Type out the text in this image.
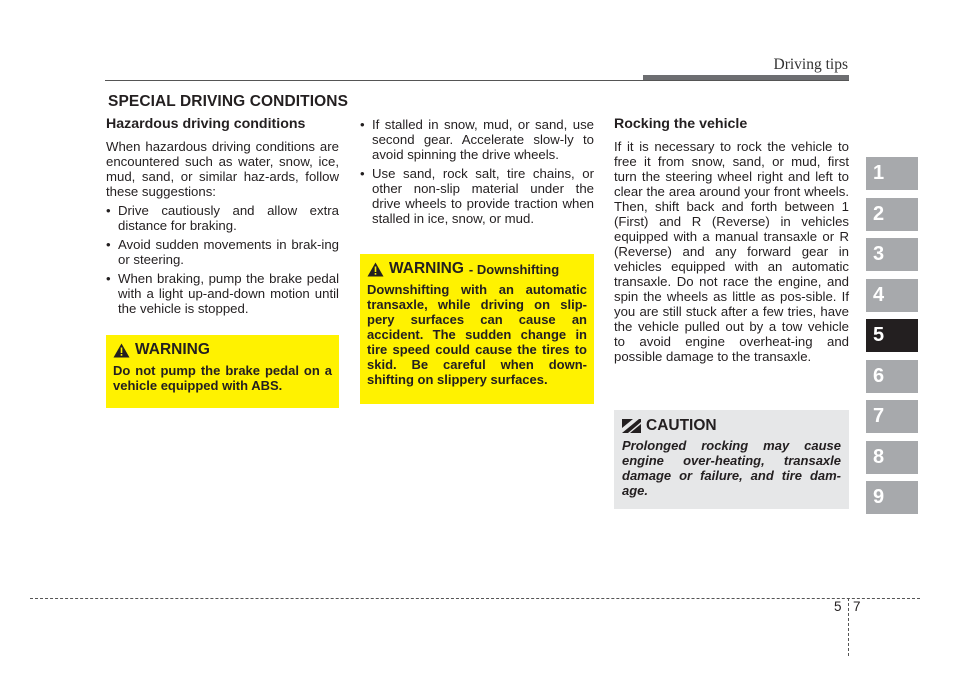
Driving tips
SPECIAL DRIVING CONDITIONS
Hazardous driving conditions

When hazardous driving conditions are encountered such as water, snow, ice, mud, sand, or similar haz-ards, follow these suggestions:

• Drive cautiously and allow extra distance for braking.
• Avoid sudden movements in brak-ing or steering.
• When braking, pump the brake pedal with a light up-and-down motion until the vehicle is stopped.
WARNING
Do not pump the brake pedal on a vehicle equipped with ABS.
• If stalled in snow, mud, or sand, use second gear. Accelerate slow-ly to avoid spinning the drive wheels.
• Use sand, rock salt, tire chains, or other non-slip material under the drive wheels to provide traction when stalled in ice, snow, or mud.
WARNING - Downshifting
Downshifting with an automatic transaxle, while driving on slip-pery surfaces can cause an accident. The sudden change in tire speed could cause the tires to skid. Be careful when down-shifting on slippery surfaces.
Rocking the vehicle

If it is necessary to rock the vehicle to free it from snow, sand, or mud, first turn the steering wheel right and left to clear the area around your front wheels. Then, shift back and forth between 1 (First) and R (Reverse) in vehicles equipped with a manual transaxle or R (Reverse) and any forward gear in vehicles equipped with an automatic transaxle. Do not race the engine, and spin the wheels as little as pos-sible. If you are still stuck after a few tries, have the vehicle pulled out by a tow vehicle to avoid engine overheat-ing and possible damage to the transaxle.

CAUTION
Prolonged rocking may cause engine over-heating, transaxle damage or failure, and tire dam-age.
1
2
3
4
5
6
7
8
9
5 7
